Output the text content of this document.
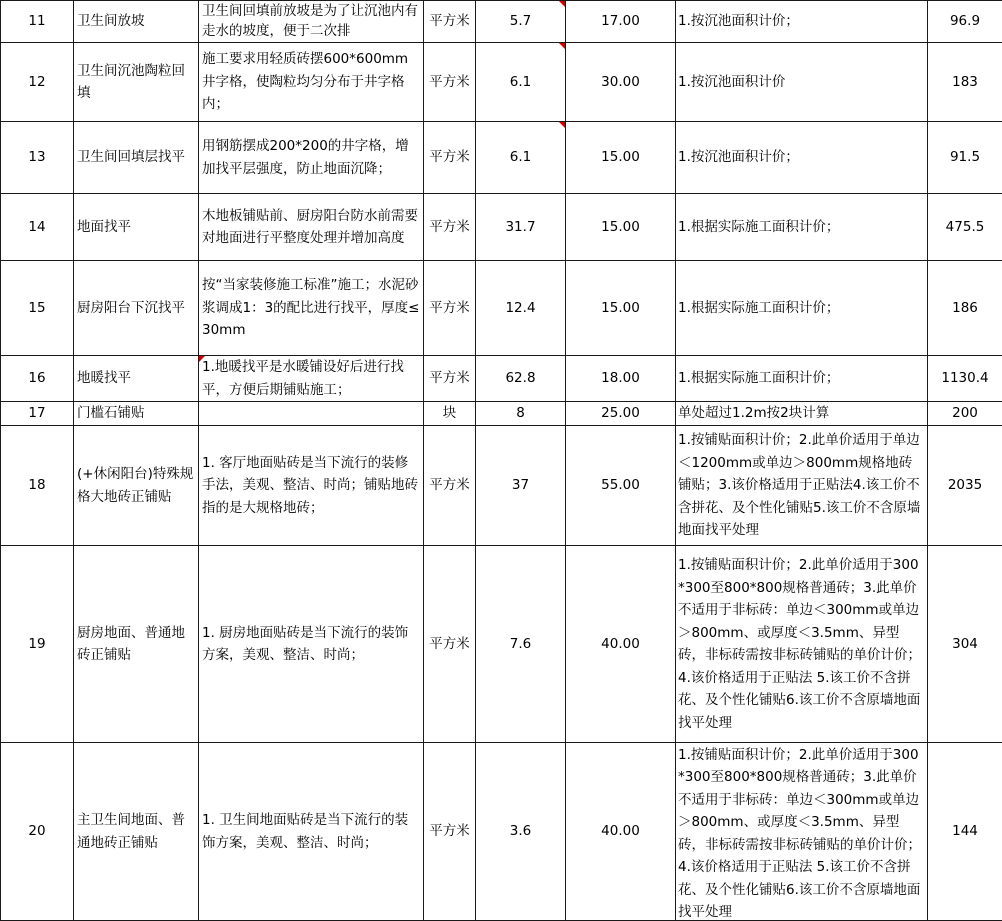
11	卫生间放坡	卫生间回填前放坡是为了让沉池内有走水的坡度，便于二次排	平方米	5.7	17.00	1.按沉池面积计价；	96.9
12	卫生间沉池陶粒回填	施工要求用轻质砖摆600*600mm井字格，使陶粒均匀分布于井字格内；	平方米	6.1	30.00	1.按沉池面积计价	183
13	卫生间回填层找平	用钢筋摆成200*200的井字格，增加找平层强度，防止地面沉降；	平方米	6.1	15.00	1.按沉池面积计价；	91.5
14	地面找平	木地板铺贴前、厨房阳台防水前需要对地面进行平整度处理并增加高度	平方米	31.7	15.00	1.根据实际施工面积计价；	475.5
15	厨房阳台下沉找平	按“当家装修施工标准”施工；水泥砂浆调成1：3的配比进行找平，厚度≤30mm	平方米	12.4	15.00	1.根据实际施工面积计价；	186
16	地暖找平	1.地暖找平是水暖铺设好后进行找平，方便后期铺贴施工；	平方米	62.8	18.00	1.根据实际施工面积计价；	1130.4
17	门槛石铺贴		块	8	25.00	单处超过1.2m按2块计算	200
18	(+休闲阳台)特殊规格大地砖正铺贴	1. 客厅地面贴砖是当下流行的装修手法，美观、整洁、时尚；铺贴地砖指的是大规格地砖；	平方米	37	55.00	1.按铺贴面积计价；2.此单价适用于单边＜1200mm或单边＞800mm规格地砖铺贴；3.该价格适用于正贴法4.该工价不含拼花、及个性化铺贴5.该工价不含原墙地面找平处理	2035
19	厨房地面、普通地砖正铺贴	1. 厨房地面贴砖是当下流行的装饰方案，美观、整洁、时尚；	平方米	7.6	40.00	1.按铺贴面积计价；2.此单价适用于300*300至800*800规格普通砖；3.此单价不适用于非标砖：单边＜300mm或单边＞800mm、或厚度＜3.5mm、异型砖，非标砖需按非标砖铺贴的单价计价；4.该价格适用于正贴法 5.该工价不含拼花、及个性化铺贴6.该工价不含原墙地面找平处理	304
20	主卫生间地面、普通地砖正铺贴	1. 卫生间地面贴砖是当下流行的装饰方案，美观、整洁、时尚；	平方米	3.6	40.00	1.按铺贴面积计价；2.此单价适用于300*300至800*800规格普通砖；3.此单价不适用于非标砖：单边＜300mm或单边＞800mm、或厚度＜3.5mm、异型砖，非标砖需按非标砖铺贴的单价计价；4.该价格适用于正贴法 5.该工价不含拼花、及个性化铺贴6.该工价不含原墙地面找平处理	144
